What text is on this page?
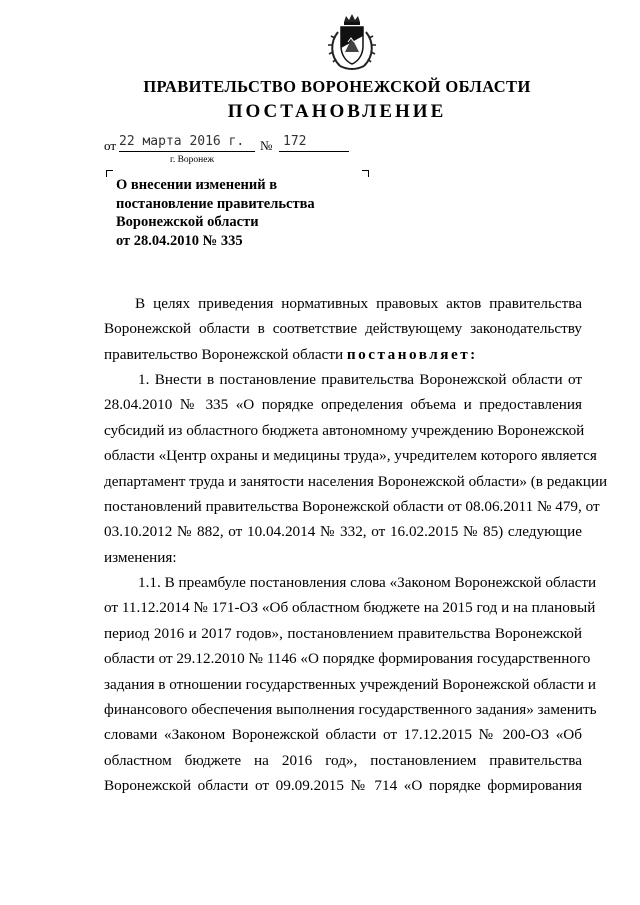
ПРАВИТЕЛЬСТВО ВОРОНЕЖСКОЙ ОБЛАСТИ
ПОСТАНОВЛЕНИЕ
от 22 марта 2016 г.	№ 172
г. Воронеж
О внесении изменений в
постановление правительства
Воронежской области
от 28.04.2010 № 335
В целях приведения нормативных правовых актов правительства
Воронежской области в соответствие действующему законодательству
правительство Воронежской области постановляет:
1. Внести в постановление правительства Воронежской области от
28.04.2010 № 335 «О порядке определения объема и предоставления
субсидий из областного бюджета автономному учреждению Воронежской
области «Центр охраны и медицины труда», учредителем которого является
департамент труда и занятости населения Воронежской области» (в редакции
постановлений правительства Воронежской области от 08.06.2011 № 479, от
03.10.2012 № 882, от 10.04.2014 № 332, от 16.02.2015 № 85) следующие
изменения:
1.1. В преамбуле постановления слова «Законом Воронежской области
от 11.12.2014 № 171-ОЗ «Об областном бюджете на 2015 год и на плановый
период 2016 и 2017 годов», постановлением правительства Воронежской
области от 29.12.2010 № 1146 «О порядке формирования государственного
задания в отношении государственных учреждений Воронежской области и
финансового обеспечения выполнения государственного задания» заменить
словами «Законом Воронежской области от 17.12.2015 № 200-ОЗ «Об
областном бюджете на 2016 год», постановлением правительства
Воронежской области от 09.09.2015 № 714 «О порядке формирования
